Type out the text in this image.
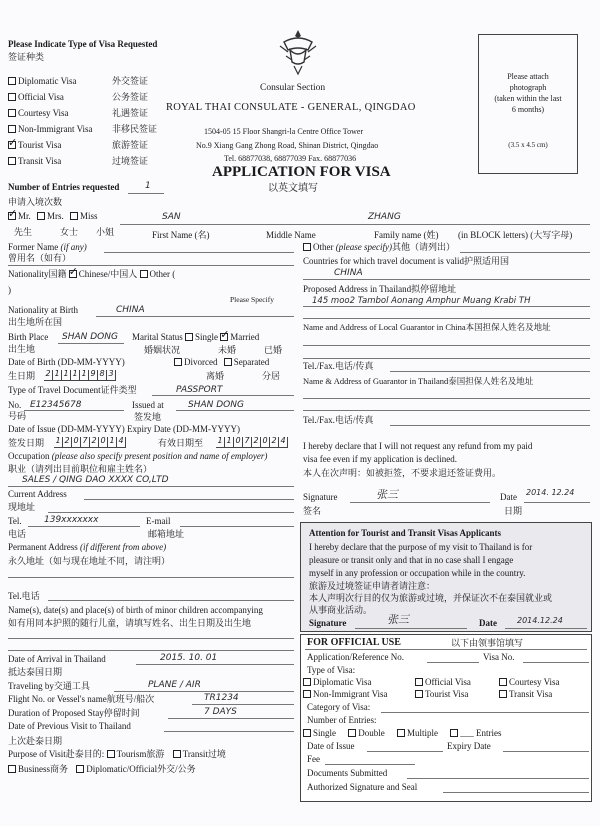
Please Indicate Type of Visa Requested
签证种类
Diplomatic Visa	外交签证
Official Visa	公务签证
Courtesy Visa	礼遇签证
Non-Immigrant Visa 非移民签证
✓Tourist Visa	旅游签证
Transit Visa	过境签证
Consular Section
ROYAL THAI CONSULATE - GENERAL, QINGDAO
1504-05 15 Floor Shangri-la Centre Office Tower
No.9 Xiang Gang Zhong Road, Shinan District, Qingdao
Tel. 68877038, 68877039 Fax. 68877036
APPLICATION FOR VISA
以英文填写
Please attach
photograph
(taken within the last
6 months)
(3.5 x 4.5 cm)
Number of Entries requested	1
申请入境次数
✓Mr. Mrs. Miss
先生	女士 小姐
SAN	ZHANG
First Name (名)	Middle Name	Family name (姓) (in BLOCK letters) (大写字母)
Former Name (if any)
曾用名（如有）
Nationality国籍 ✓ Chinese/中国人 Other (
)
Please Specify
Nationality at Birth
出生地所在国
CHINA
Birth Place
出生地
SHAN DONG Marital Status Single ✓ Married
婚姻状况	未婚	已婚
Date of Birth (DD-MM-YYYY)	Divorced Separated
生日期 2 1 1 1 1 9 8 3	离婚	分居
Type of Travel Document证件类型	PASSPORT
No.
号码
E12345678	Issued at
签发地
SHAN DONG
Date of Issue (DD-MM-YYYY) Expiry Date (DD-MM-YYYY)
签发日期 1 2 0 7 2 0 1 4	有效日期至 1 1 0 7 2 0 2 4
Occupation (please also specify present position and name of employer)
职业（请列出目前职位和雇主姓名）
SALES / QING DAO XXXX CO,LTD
Current Address
现地址
Tel.
电话
139xxxxxxx	E-mail
邮箱地址
Permanent Address (if different from above)
永久地址（如与现在地址不同，请注明）
Tel.电话
Name(s), date(s) and place(s) of birth of minor children accompanying
如有用同本护照的随行儿童，请填写姓名、出生日期及出生地
Date of Arrival in Thailand
抵达泰国日期
2015. 10. 01
Traveling by交通工具	PLANE / AIR
Flight No. or Vessel's name航班号/船次	TR1234
Duration of Proposed Stay停留时间	7 DAYS
Date of Previous Visit to Thailand
上次赴泰日期
Purpose of Visit赴泰目的: Tourism旅游 Transit过境
Business商务 Diplomatic/Official外交/公务
Other (please specify)其他（请列出）
Countries for which travel document is valid护照适用国
CHINA
Proposed Address in Thailand拟停留地址
145 moo2 Tambol Aonang Amphur Muang Krabi TH
Name and Address of Local Guarantor in China本国担保人姓名及地址
Tel./Fax.电话/传真
Name & Address of Guarantor in Thailand泰国担保人姓名及地址
Tel./Fax.电话/传真
I hereby declare that I will not request any refund from my paid
visa fee even if my application is declined.
本人在次声明：如被拒签，不要求退还签证费用。
Signature
签名
张三	Date
日期
2014. 12.24
Attention for Tourist and Transit Visas Applicants
I hereby declare that the purpose of my visit to Thailand is for
pleasure or transit only and that in no case shall I engage
myself in any profession or occupation while in the country.
旅游及过境签证申请者请注意：
本人声明次行目的仅为旅游或过境，并保证次不在泰国就业或
从事商业活动。
Signature	张三	Date	2014.12.24
FOR OFFICIAL USE	以下由领事馆填写
Application/Reference No.	Visa No.
Type of Visa:
Diplomatic Visa	Official Visa	Courtesy Visa
Non-Immigrant Visa	Tourist Visa	Transit Visa
Category of Visa:
Number of Entries:
Single Double Multiple ___ Entries
Date of Issue	Expiry Date
Fee
Documents Submitted
Authorized Signature and Seal
